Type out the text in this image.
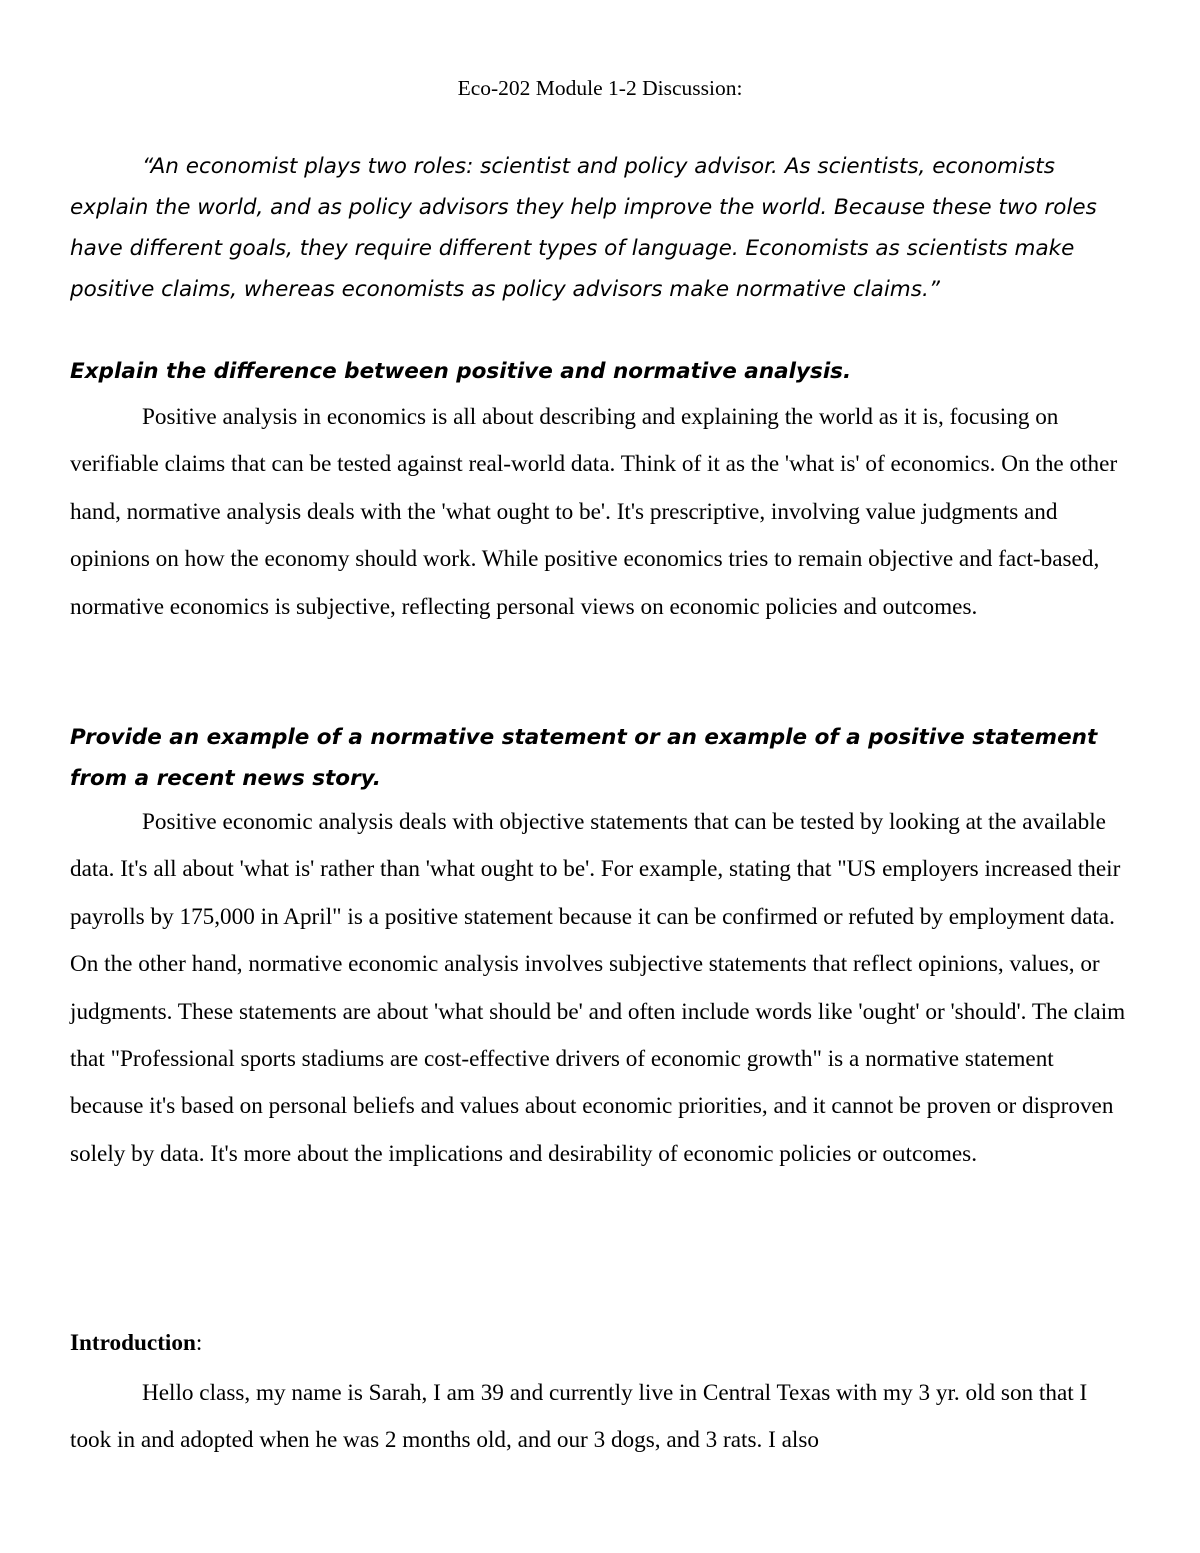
Eco-202 Module 1-2 Discussion:

“An economist plays two roles: scientist and policy advisor. As scientists, economists explain the world, and as policy advisors they help improve the world. Because these two roles have different goals, they require different types of language. Economists as scientists make positive claims, whereas economists as policy advisors make normative claims.”

Explain the difference between positive and normative analysis.

Positive analysis in economics is all about describing and explaining the world as it is, focusing on verifiable claims that can be tested against real-world data. Think of it as the 'what is' of economics. On the other hand, normative analysis deals with the 'what ought to be'. It's prescriptive, involving value judgments and opinions on how the economy should work. While positive economics tries to remain objective and fact-based, normative economics is subjective, reflecting personal views on economic policies and outcomes.

Provide an example of a normative statement or an example of a positive statement from a recent news story.

Positive economic analysis deals with objective statements that can be tested by looking at the available data. It's all about 'what is' rather than 'what ought to be'. For example, stating that "US employers increased their payrolls by 175,000 in April" is a positive statement because it can be confirmed or refuted by employment data. On the other hand, normative economic analysis involves subjective statements that reflect opinions, values, or judgments. These statements are about 'what should be' and often include words like 'ought' or 'should'. The claim that "Professional sports stadiums are cost-effective drivers of economic growth" is a normative statement because it's based on personal beliefs and values about economic priorities, and it cannot be proven or disproven solely by data. It's more about the implications and desirability of economic policies or outcomes.

Introduction:

Hello class, my name is Sarah, I am 39 and currently live in Central Texas with my 3 yr. old son that I took in and adopted when he was 2 months old, and our 3 dogs, and 3 rats. I also
